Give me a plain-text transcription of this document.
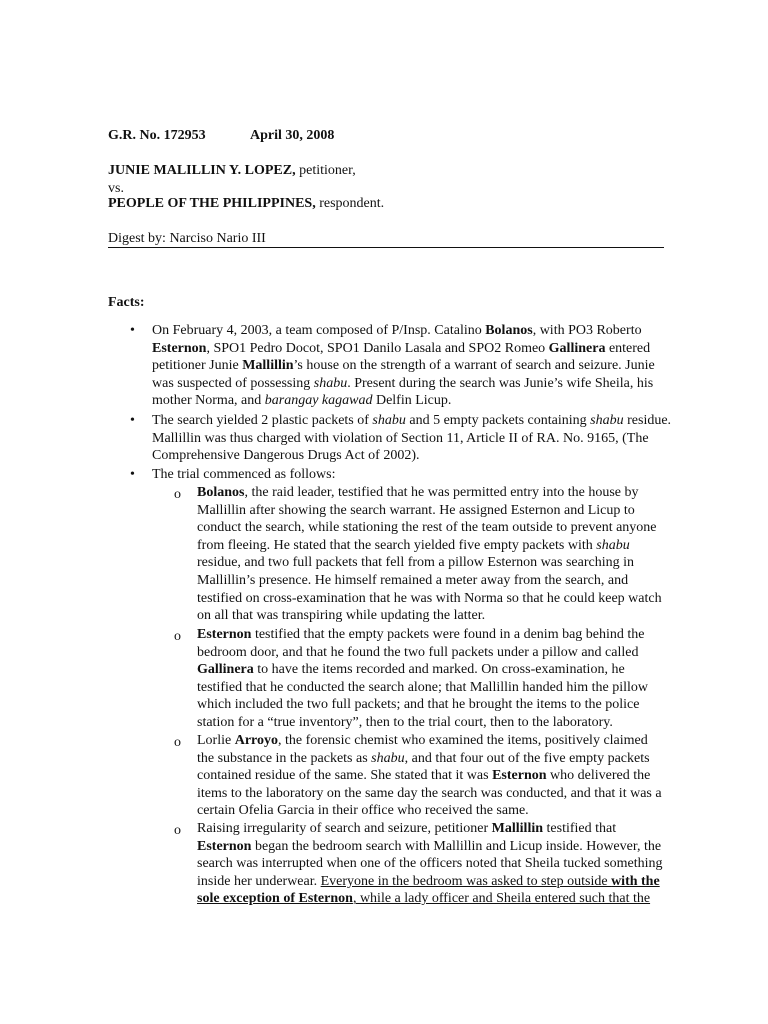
G.R. No. 172953	April 30, 2008
JUNIE MALILLIN Y. LOPEZ, petitioner,
vs.
PEOPLE OF THE PHILIPPINES, respondent.
Digest by: Narciso Nario III
Facts:
• On February 4, 2003, a team composed of P/Insp. Catalino Bolanos, with PO3 Roberto Esternon, SPO1 Pedro Docot, SPO1 Danilo Lasala and SPO2 Romeo Gallinera entered petitioner Junie Mallillin’s house on the strength of a warrant of search and seizure. Junie was suspected of possessing shabu. Present during the search was Junie’s wife Sheila, his mother Norma, and barangay kagawad Delfin Licup.
• The search yielded 2 plastic packets of shabu and 5 empty packets containing shabu residue. Mallillin was thus charged with violation of Section 11, Article II of RA. No. 9165, (The Comprehensive Dangerous Drugs Act of 2002).
• The trial commenced as follows:
o Bolanos, the raid leader, testified that he was permitted entry into the house by Mallillin after showing the search warrant. He assigned Esternon and Licup to conduct the search, while stationing the rest of the team outside to prevent anyone from fleeing. He stated that the search yielded five empty packets with shabu residue, and two full packets that fell from a pillow Esternon was searching in Mallillin’s presence. He himself remained a meter away from the search, and testified on cross-examination that he was with Norma so that he could keep watch on all that was transpiring while updating the latter.
o Esternon testified that the empty packets were found in a denim bag behind the bedroom door, and that he found the two full packets under a pillow and called Gallinera to have the items recorded and marked. On cross-examination, he testified that he conducted the search alone; that Mallillin handed him the pillow which included the two full packets; and that he brought the items to the police station for a “true inventory”, then to the trial court, then to the laboratory.
o Lorlie Arroyo, the forensic chemist who examined the items, positively claimed the substance in the packets as shabu, and that four out of the five empty packets contained residue of the same. She stated that it was Esternon who delivered the items to the laboratory on the same day the search was conducted, and that it was a certain Ofelia Garcia in their office who received the same.
o Raising irregularity of search and seizure, petitioner Mallillin testified that Esternon began the bedroom search with Mallillin and Licup inside. However, the search was interrupted when one of the officers noted that Sheila tucked something inside her underwear. Everyone in the bedroom was asked to step outside with the sole exception of Esternon, while a lady officer and Sheila entered such that the
